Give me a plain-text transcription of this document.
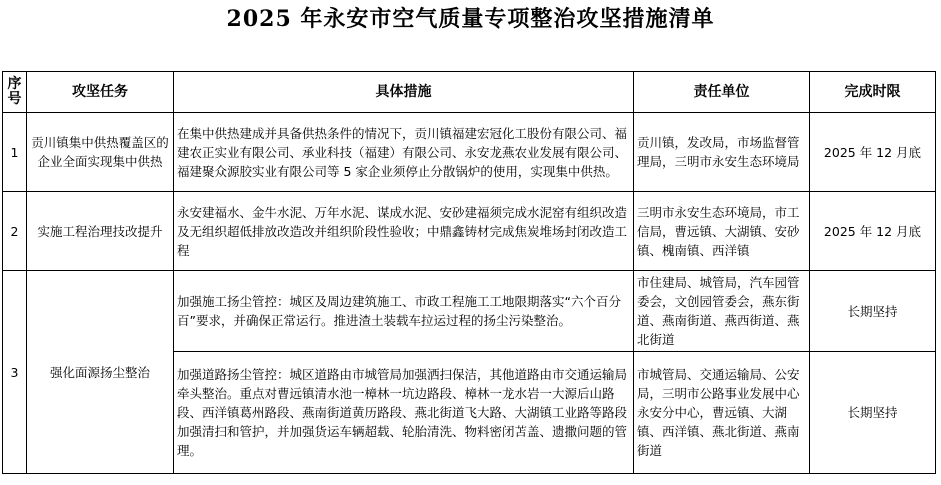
2025 年永安市空气质量专项整治攻坚措施清单
序号	攻坚任务	具体措施	责任单位	完成时限
1	贡川镇集中供热覆盖区的企业全面实现集中供热	在集中供热建成并具备供热条件的情况下，贡川镇福建宏冠化工股份有限公司、福建农正实业有限公司、承业科技（福建）有限公司、永安龙燕农业发展有限公司、福建聚众源胶实业有限公司等 5 家企业须停止分散锅炉的使用，实现集中供热。	贡川镇，发改局，市场监督管理局，三明市永安生态环境局	2025 年 12 月底
2	实施工程治理技改提升	永安建福水、金牛水泥、万年水泥、谋成水泥、安砂建福须完成水泥窑有组织改造及无组织超低排放改造改并组织阶段性验收；中鼎鑫铸材完成焦炭堆场封闭改造工程	三明市永安生态环境局，市工信局，曹远镇、大湖镇、安砂镇、槐南镇、西洋镇	2025 年 12 月底
3	强化面源扬尘整治	加强施工扬尘管控：城区及周边建筑施工、市政工程施工工地限期落实“六个百分百”要求，并确保正常运行。推进渣土装载车拉运过程的扬尘污染整治。	市住建局、城管局，汽车园管委会，文创园管委会，燕东街道、燕南街道、燕西街道、燕北街道	长期坚持
		加强道路扬尘管控：城区道路由市城管局加强洒扫保洁，其他道路由市交通运输局牵头整治。重点对曹远镇清水池一樟林一坑边路段、樟林一龙水岩一大源后山路段、西洋镇葛州路段、燕南街道黄历路段、燕北街道飞大路、大湖镇工业路等路段加强清扫和管护，并加强货运车辆超载、轮胎清洗、物料密闭苫盖、遗撒问题的管理。	市城管局、交通运输局、公安局，三明市公路事业发展中心永安分中心，曹远镇、大湖镇、西洋镇、燕北街道、燕南街道	长期坚持
